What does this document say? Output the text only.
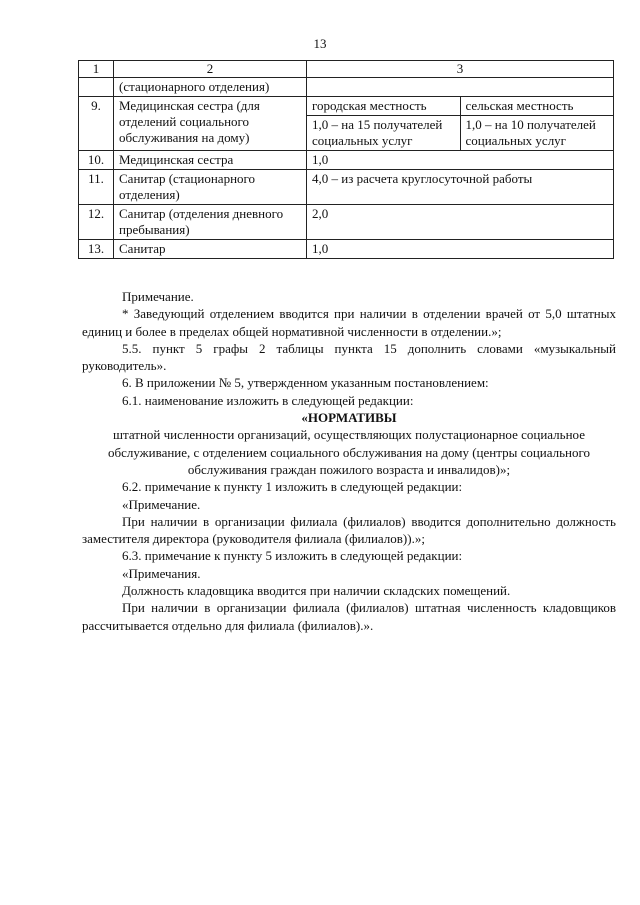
13
1	2	3	
	(стационарного отделения)		
9.	Медицинская сестра (для отделений социального обслуживания на дому)	городская местность	сельская местность
		1,0 – на 15 получателей социальных услуг	1,0 – на 10 получателей социальных услуг
10.	Медицинская сестра	1,0	
11.	Санитар (стационарного отделения)	4,0 – из расчета круглосуточной работы	
12.	Санитар (отделения дневного пребывания)	2,0	
13.	Санитар	1,0	

Примечание.

* Заведующий отделением вводится при наличии в отделении врачей от 5,0 штатных единиц и более в пределах общей нормативной численности в отделении.»;

5.5. пункт 5 графы 2 таблицы пункта 15 дополнить словами «музыкальный руководитель».

6. В приложении № 5, утвержденном указанным постановлением:

6.1. наименование изложить в следующей редакции:

«НОРМАТИВЫ

штатной численности организаций, осуществляющих полустационарное социальное обслуживание, с отделением социального обслуживания на дому (центры социального обслуживания граждан пожилого возраста и инвалидов)»;

6.2. примечание к пункту 1 изложить в следующей редакции:

«Примечание.

При наличии в организации филиала (филиалов) вводится дополнительно должность заместителя директора (руководителя филиала (филиалов)).»;

6.3. примечание к пункту 5 изложить в следующей редакции:

«Примечания.

Должность кладовщика вводится при наличии складских помещений.

При наличии в организации филиала (филиалов) штатная численность кладовщиков рассчитывается отдельно для филиала (филиалов).».
